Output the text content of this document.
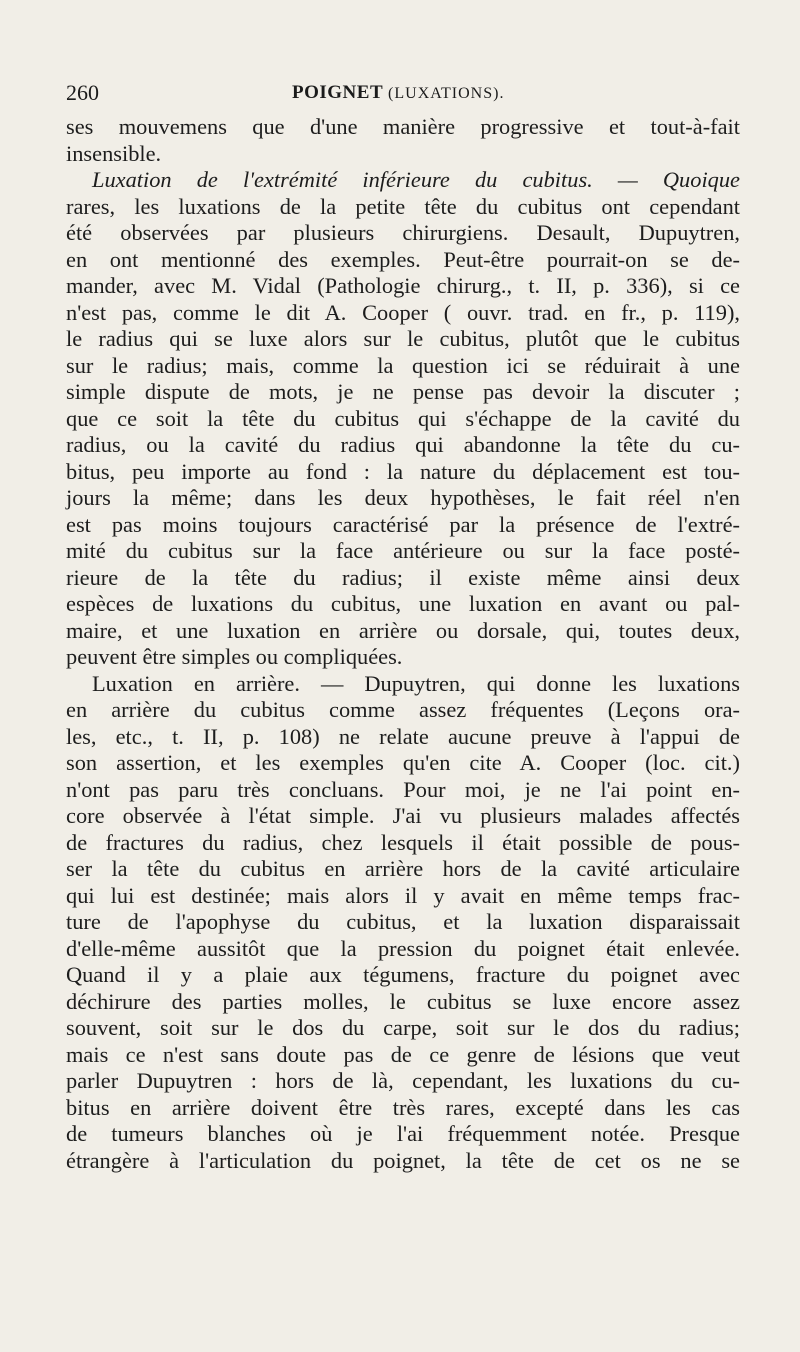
260	POIGNET (LUXATIONS).
ses mouvemens que d'une manière progressive et tout-à-fait
insensible.
Luxation de l'extrémité inférieure du cubitus. — Quoique
rares, les luxations de la petite tête du cubitus ont cependant
été observées par plusieurs chirurgiens. Desault, Dupuytren,
en ont mentionné des exemples. Peut-être pourrait-on se de-
mander, avec M. Vidal (Pathologie chirurg., t. II, p. 336), si ce
n'est pas, comme le dit A. Cooper ( ouvr. trad. en fr., p. 119),
le radius qui se luxe alors sur le cubitus, plutôt que le cubitus
sur le radius; mais, comme la question ici se réduirait à une
simple dispute de mots, je ne pense pas devoir la discuter ;
que ce soit la tête du cubitus qui s'échappe de la cavité du
radius, ou la cavité du radius qui abandonne la tête du cu-
bitus, peu importe au fond : la nature du déplacement est tou-
jours la même; dans les deux hypothèses, le fait réel n'en
est pas moins toujours caractérisé par la présence de l'extré-
mité du cubitus sur la face antérieure ou sur la face posté-
rieure de la tête du radius; il existe même ainsi deux
espèces de luxations du cubitus, une luxation en avant ou pal-
maire, et une luxation en arrière ou dorsale, qui, toutes deux,
peuvent être simples ou compliquées.
Luxation en arrière. — Dupuytren, qui donne les luxations
en arrière du cubitus comme assez fréquentes (Leçons ora-
les, etc., t. II, p. 108) ne relate aucune preuve à l'appui de
son assertion, et les exemples qu'en cite A. Cooper (loc. cit.)
n'ont pas paru très concluans. Pour moi, je ne l'ai point en-
core observée à l'état simple. J'ai vu plusieurs malades affectés
de fractures du radius, chez lesquels il était possible de pous-
ser la tête du cubitus en arrière hors de la cavité articulaire
qui lui est destinée; mais alors il y avait en même temps frac-
ture de l'apophyse du cubitus, et la luxation disparaissait
d'elle-même aussitôt que la pression du poignet était enlevée.
Quand il y a plaie aux tégumens, fracture du poignet avec
déchirure des parties molles, le cubitus se luxe encore assez
souvent, soit sur le dos du carpe, soit sur le dos du radius;
mais ce n'est sans doute pas de ce genre de lésions que veut
parler Dupuytren : hors de là, cependant, les luxations du cu-
bitus en arrière doivent être très rares, excepté dans les cas
de tumeurs blanches où je l'ai fréquemment notée. Presque
étrangère à l'articulation du poignet, la tête de cet os ne se
